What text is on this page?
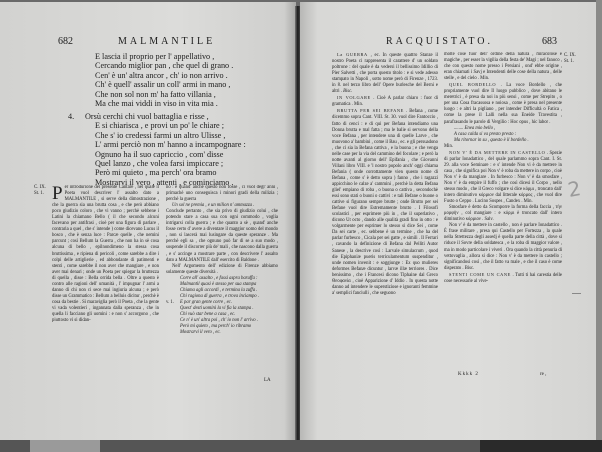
682	MALMANTILE
E lascia il proprio per l' appellativo ,
Cercando miglior pan , che quel di grano .
Cen' è un' altra ancor , ch' io non arrivo .
Ch' è quell' assalir un coll' armi in mano ,
Che non sol non m' ha fatto villania ,
Ma che mai viddi in viso in vita mia .
4. Orsù cerchi chi vuol battaglia e risse ,
E si chiarisca , e provi un po' le chiare ;
Che s' io credessi farmi un altro Ulisse ,
L' armi perciò non m' hanno a incampognare :
Ognuno ha il suo capriccio , com' disse
Quel lanzo , che volea farsi impiccare ;
Però mi quieto , ma perch' ora bramo
Mostrarvi il vero , attenti , e cominciamo .
C. IX.
St. 1. P er introdurione del presente Cantare , nel quale il Poeta vuol descriver l' assalto dato a MALMANTILE , si serve della dimostrazione , che la guerra sia una brutta cosa , e che però abbiano poco giudizio coloro , che vi vanno ; perchè sebbene i Latini la chiamano Bello ( il che secondo alcuni facevano per antifrasi , cioè per una figura di parlare , contraria a quel , che s' intende ) come dicevano Lucus il bosco , che è senza luce : Parcæ quelle , che nemini parcunt ; così Bellum la Guerra , che non ha in sè cosa alcuna di bello , epilnondimeno la stessa cosa bruttissima , e ripiena di pericoli , come sarebbe a dire i colpi delle artiglierie , ed abbondante di patimenti e stenti , come sarebbe il non aver che mangiare , e non aver mai denari ; onde un Poeta per spiegar la bruttezza di quella , disse : Bella orrida bella . Oltre a questo è contro alle ragioni dell' umanità , l' impugnar l' armi a danno di chi non ci sece mai ingiuria alcuna ; e però disse un Grammatico : Bellum a belluis dicitur , perchè è cosa da bestie . Si maraviglia però il Poeta , che la gente vi vada volentieri , ingannata dalla speranza , che in quella li facciano gli uomini : e non s' accorgono , che piuttosto vi si didan-

no : e quand' anche questo non fosse , ci vuol degl' anni , primachè uno conseguisca i minori gradi della milizia ; perchè la guerra

Un sol ne premia , e un milion n' ammazza .

Conclude pertanto , che sia privo di giudizio colui , che potendo stare a casa sua con ogni commodo , voglia intrigarsi colla guerra ; e che quanto a sè , quand' anche fosse certo d' avere a diventare il maggior uomo del mondo , non si lascerà mai lusingare da queste speranze . Ma perchè egli sa , che ognuno può far di se a suo modo , sospende il discorrer più de' mali , che nascono dalla guerra , e s' accinge a mostrare parte , con descrivere l' assalto dato a MALMANTILE dall' esercito di Baldone .

Nell' Argomento dell' edizione di Firenze abbiamo solamente queste diversità .

Corre all' assalto , e fassi aspra baruffa :
Malmantil quasi è stesso per sua stampa
Chiama agli accordi , e termina la zuffa .
Chi ragiona di guerra , e trova inciampo .
v. 1. E par gran gente corre , ec.
Quest' desti uomini la vi fia la stampa .
Chi vuò star bene a casa , ec.
Ce n' è un' altra poi , ch' io non l' arrivo .
Però mi quieto , ma perch' io ribramo
Mostrarvi il vero , ec.
LA
RACQUISTATO.	683

La GUERRA , ec. In queste quattro Stanze il nostro Poeta ci rappresenta il carattere d' un soldato poltrone : del quale è da vedersi il bellissimo Idillio di Pier Salvetti , che porta questo titolo : e si vede adesso stampato in Napoli , sotto nome però di Firenze , 1723. in 8. nel terzo libro dell' Opere burlesche del Berni e altri . Bisc.

IN VOLGARE . Cioè A parlar chiaro : fuor di gramatica . Min.

BRUTTA PER SEI BEFANE . Befana , come dicemmo sopra Cant. VIII. St. 30. vuol dire Fantoccio , fatto di cenci : e di qui per Befana intendiamo una Donna brutta e mal fatta ; ma le balie si servono della voce Befana , per intendere una di quelle Larve , che muovono a' bambini , come il Bau , ec. e gli persuadono , che ci sia la Befana cattiva , e la buona ; e che venga nelle case per la via del cammino del focolare ; e però la notte avanti al giorno dell' Epifania , che Giovanni Villani libro VIII. e 'l nostro popolo anch' oggi chiama Befania ( onde corrottamente vien questo nome di Befana , come s' è detto sopra ) fanno , che i ragazzi appicchino le calze a' cammini , perchè la detta Befana gliel' empiano di roba , o buona o cattiva , secondochè essi sono stati o buoni o cattivi : e tali Befane o buone o cattive si figurano sempre brutte ; onde Brutto per sei Befane vuol dire Estremamente brutto . I Filosofi scolastici , per esprimere più in , che il superlativo , dicono Ut octo , dando alle qualità gradi fino in otto : e volgarmente per esprimer lo stesso si dice Sei , come Da sei carte , ec. sebbene è un termine , che ha del parlar furbesco , Cicala per sei gatte , e simili . Il Ferrari , cavando la definizione di Befana dal Pelliti Autor Sanese , la descrive così : Larvale simulacrum , quod die Epiphaniæ pueris terriculamentum suspenditur , unde nomen invenit : e soggiunge : Ex quo mulieres deformes Befanæ dicuntur , larvæ illæ terriores . Dice benissimo , che i Francesi dicono Tiphaine dal Greco Θεοφανία , cioè Apparizione d' Iddio . In questa notte danno ad intendere le superstiziose e ignoranti femmine a' semplici fanciulli , che seguono

molte cose fuor dell' ordine della natura , miracolose e magiche , per esser la vigilia della festa de' Magi ; nel fanoco , che con questo nome presso i Persiani , ond' ebbe origine , eran chiamati i Savj e Intendenti delle cose della natura , delle stelle , e del cielo . Min.

QUEL BORDELLO . La voce Bordello , che propriamente vuol dire Il luogo pubblico , dove abitano le meretrici , è presa da noi in più sensi , come per Strepito , o per una Cosa fracassosa e noiosa , come è presa nel presente luogo : e altri la pigliano , per intender Difficultà o Fatica , come la prese il Lalli nella sua Eneide Travestita , parafrasando le parole di Vergilio : Hoc opus , hic labor .

........ Enea mio bello ,
A casa calda si va presto presto :
Ma ritornar in su , questo è il bordello .

Min.

NON V' È DA METTERE IN CASTELLO . Spezie di parlar Ionadattico , del quale parlammo sopra Cant. I. St. 29. alla voce Seminare : e s' intende Non vi è da mettere in casa , che significa poi Non v' è roba da mettere in corpo , cioè Non v' è da mangiare . In furbesco : Non v' è da smosfare , Non v' è da empire il fuffo ; che così dicesi il Corpo , nello stesso modo , che il Greco volgare si dice κόρμι , troncato dall' intero diminutivo κόρμιον dal litterale κόρμος , che vuol dire Fusto o Ceppo . Lucino Sospes , Candex . Min.

Smosfare è detto da Scomporre la forma della faccia , τὴν μορφὴν , col mangiare : e κόρμι è troncato dall' intero diminutivo κόρμιον . Salv.

Non v' è da mettere in castello , non è parlare Ionadattico . È frase militare , presa qui Castello per Fortezza , la quale nella Strettezza degli assedj è quella parte della città , dove si riduce il Sovre della soldatesca , e la roba di maggior valore , ma in modo particolare i viveri . Ora quando la città penuria di vettovaglia , allora si dice : Non v' è da mettere in castello ; significandosi così , che il fatto va male , e che il caso è come disperato . Bisc.

STENTI COME UN CANE . Tutti ti hai carestia delle cose necessarie al vive-

C. IX.
St. 1.
Kkkk 2	re ,
2
